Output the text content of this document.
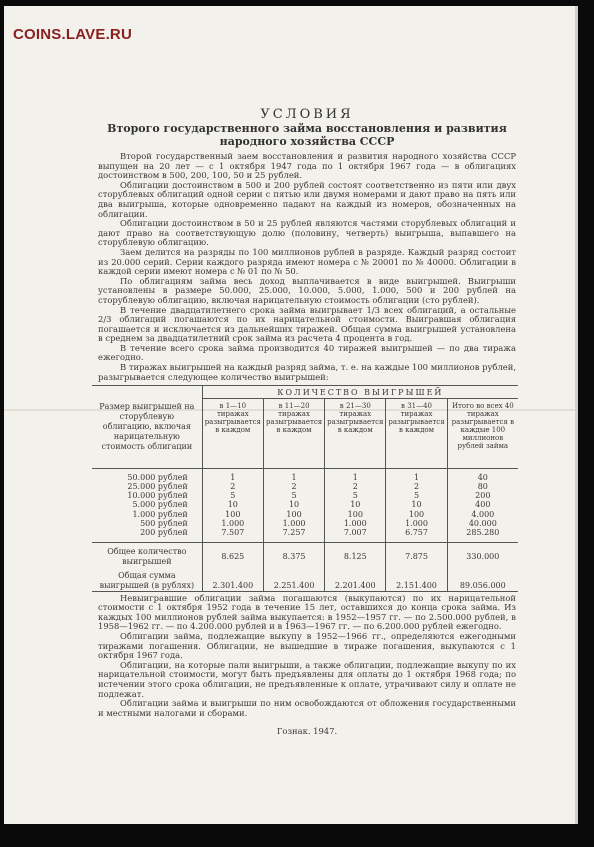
УСЛОВИЯ
Второго государственного займа восстановления и развития
народного хозяйства СССР

Второй государственный заем восстановления и развития народного хозяйства СССР выпущен на 20 лет — с 1 октября 1947 года по 1 октября 1967 года — в облигациях достоинством в 500, 200, 100, 50 и 25 рублей.

Облигации достоинством в 500 и 200 рублей состоят соответственно из пяти или двух сторублевых облигаций одной серии с пятью или двумя номерами и дают право на пять или два выигрыша, которые одновременно падают на каждый из номеров, обозначенных на облигации.

Облигации достоинством в 50 и 25 рублей являются частями сторублевых облигаций и дают право на соответствующую долю (половину, четверть) выигрыша, выпавшего на сторублевую облигацию.

Заем делится на разряды по 100 миллионов рублей в разряде. Каждый разряд состоит из 20.000 серий. Серии каждого разряда имеют номера с № 20001 по № 40000. Облигации в каждой серии имеют номера с № 01 по № 50.

По облигациям займа весь доход выплачивается в виде выигрышей. Выигрыши установлены в размере 50.000, 25.000, 10.000, 5.000, 1.000, 500 и 200 рублей на сторублевую облигацию, включая нарицательную стоимость облигации (сто рублей).

В течение двадцатилетнего срока займа выигрывает 1/3 всех облигаций, а остальные 2/3 облигаций погашаются по их нарицательной стоимости. Выигравшая облигация погашается и исключается из дальнейших тиражей. Общая сумма выигрышей установлена в среднем за двадцатилетний срок займа из расчета 4 процента в год.

В течение всего срока займа производится 40 тиражей выигрышей — по два тиража ежегодно.

В тиражах выигрышей на каждый разряд займа, т. е. на каждые 100 миллионов рублей, разыгрывается следующее количество выигрышей:

Размер выигрышей на сторублевую облигацию, включая нарицательную стоимость облигации	КОЛИЧЕСТВО ВЫИГРЫШЕЙ				
	в 1—10 тиражах разыгрывается в каждом	в 11—20 тиражах разыгрывается в каждом	в 21—30 тиражах разыгрывается в каждом	в 31—40 тиражах разыгрывается в каждом	Итого во всех 40 тиражах разыгрывается в каждые 100 миллионов рублей займа

50.000 рублей	1	1	1	1	40
25.000 рублей	2	2	2	2	80
10.000 рублей	5	5	5	5	200
5.000 рублей	10	10	10	10	400
1.000 рублей	100	100	100	100	4.000
500 рублей	1.000	1.000	1.000	1.000	40.000
200 рублей	7.507	7.257	7.007	6.757	285.280

Общее количество выигрышей	8.625	8.375	8.125	7.875	330.000
Общая сумма выигрышей (в рублях)	2.301.400	2.251.400	2.201.400	2.151.400	89.056.000

Невыигравшие облигации займа погашаются (выкупаются) по их нарицательной стоимости с 1 октября 1952 года в течение 15 лет, оставшихся до конца срока займа. Из каждых 100 миллионов рублей займа выкупается: в 1952—1957 гг. — по 2.500.000 рублей, в 1958—1962 гг. — по 4.200.000 рублей и в 1963—1967 гг. — по 6.200.000 рублей ежегодно.

Облигации займа, подлежащие выкупу в 1952—1966 гг., определяются ежегодными тиражами погашения. Облигации, не вышедшие в тираже погашения, выкупаются с 1 октября 1967 года.

Облигации, на которые пали выигрыши, а также облигации, подлежащие выкупу по их нарицательной стоимости, могут быть предъявлены для оплаты до 1 октября 1968 года; по истечении этого срока облигации, не предъявленные к оплате, утрачивают силу и оплате не подлежат.

Облигации займа и выигрыши по ним освобождаются от обложения государственными и местными налогами и сборами.

Гознак. 1947.
COINS.LAVE.RU
